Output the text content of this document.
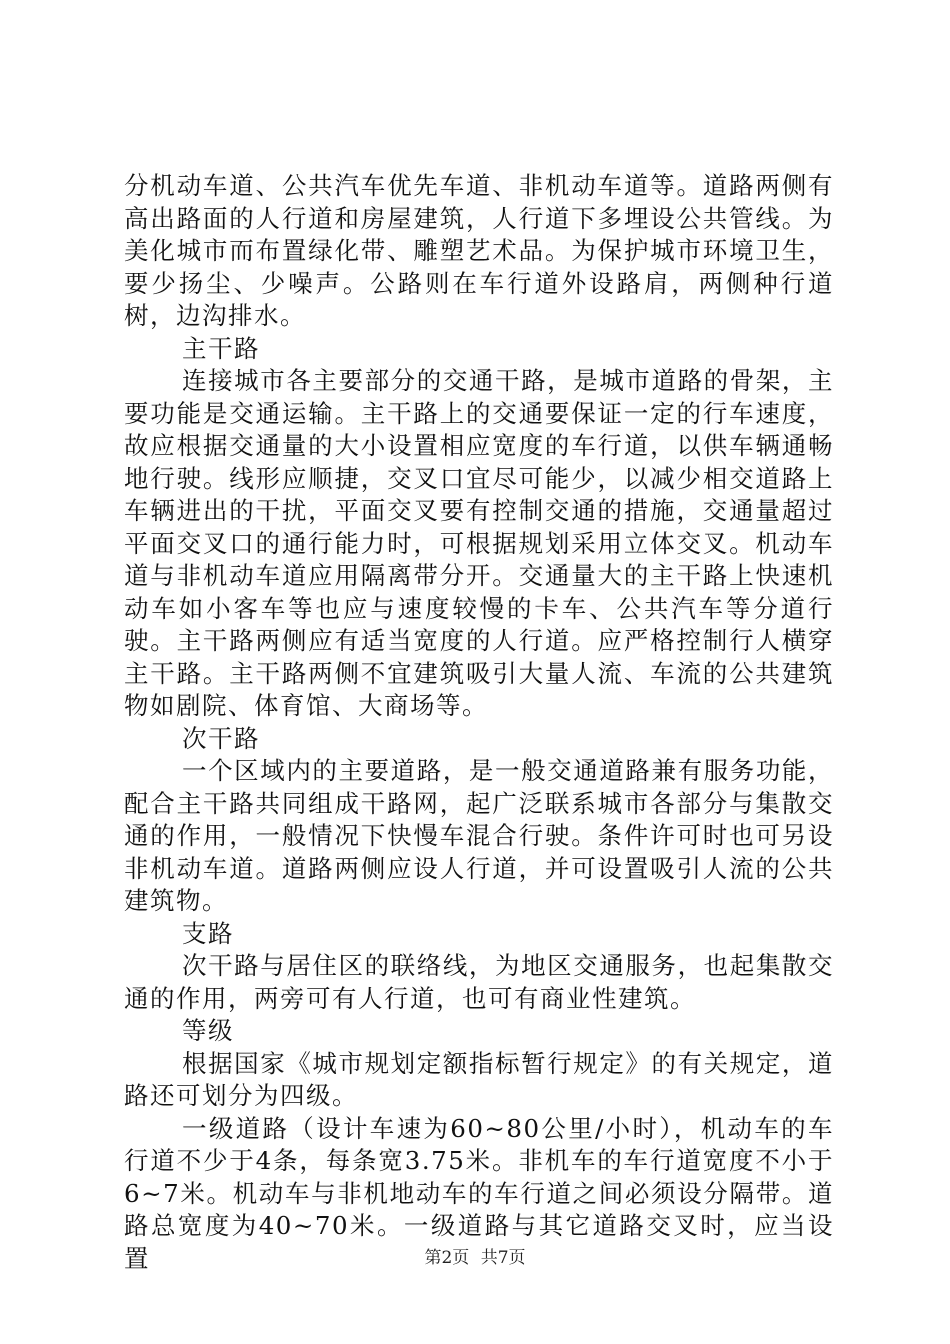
分机动车道、公共汽车优先车道、非机动车道等。道路两侧有高出路面的人行道和房屋建筑，人行道下多埋设公共管线。为美化城市而布置绿化带、雕塑艺术品。为保护城市环境卫生，要少扬尘、少噪声。公路则在车行道外设路肩，两侧种行道树，边沟排水。

主干路

连接城市各主要部分的交通干路，是城市道路的骨架，主要功能是交通运输。主干路上的交通要保证一定的行车速度，故应根据交通量的大小设置相应宽度的车行道，以供车辆通畅地行驶。线形应顺捷，交叉口宜尽可能少，以减少相交道路上车辆进出的干扰，平面交叉要有控制交通的措施，交通量超过平面交叉口的通行能力时，可根据规划采用立体交叉。机动车道与非机动车道应用隔离带分开。交通量大的主干路上快速机动车如小客车等也应与速度较慢的卡车、公共汽车等分道行驶。主干路两侧应有适当宽度的人行道。应严格控制行人横穿主干路。主干路两侧不宜建筑吸引大量人流、车流的公共建筑物如剧院、体育馆、大商场等。

次干路

一个区域内的主要道路，是一般交通道路兼有服务功能，配合主干路共同组成干路网，起广泛联系城市各部分与集散交通的作用，一般情况下快慢车混合行驶。条件许可时也可另设非机动车道。道路两侧应设人行道，并可设置吸引人流的公共建筑物。

支路

次干路与居住区的联络线，为地区交通服务，也起集散交通的作用，两旁可有人行道，也可有商业性建筑。

等级

根据国家《城市规划定额指标暂行规定》的有关规定，道路还可划分为四级。

一级道路（设计车速为60~80公里/小时），机动车的车行道不少于4条，每条宽3.75米。非机车的车行道宽度不小于6~7米。机动车与非机地动车的车行道之间必须设分隔带。道路总宽度为40~70米。一级道路与其它道路交叉时，应当设置	第2页 共7页
